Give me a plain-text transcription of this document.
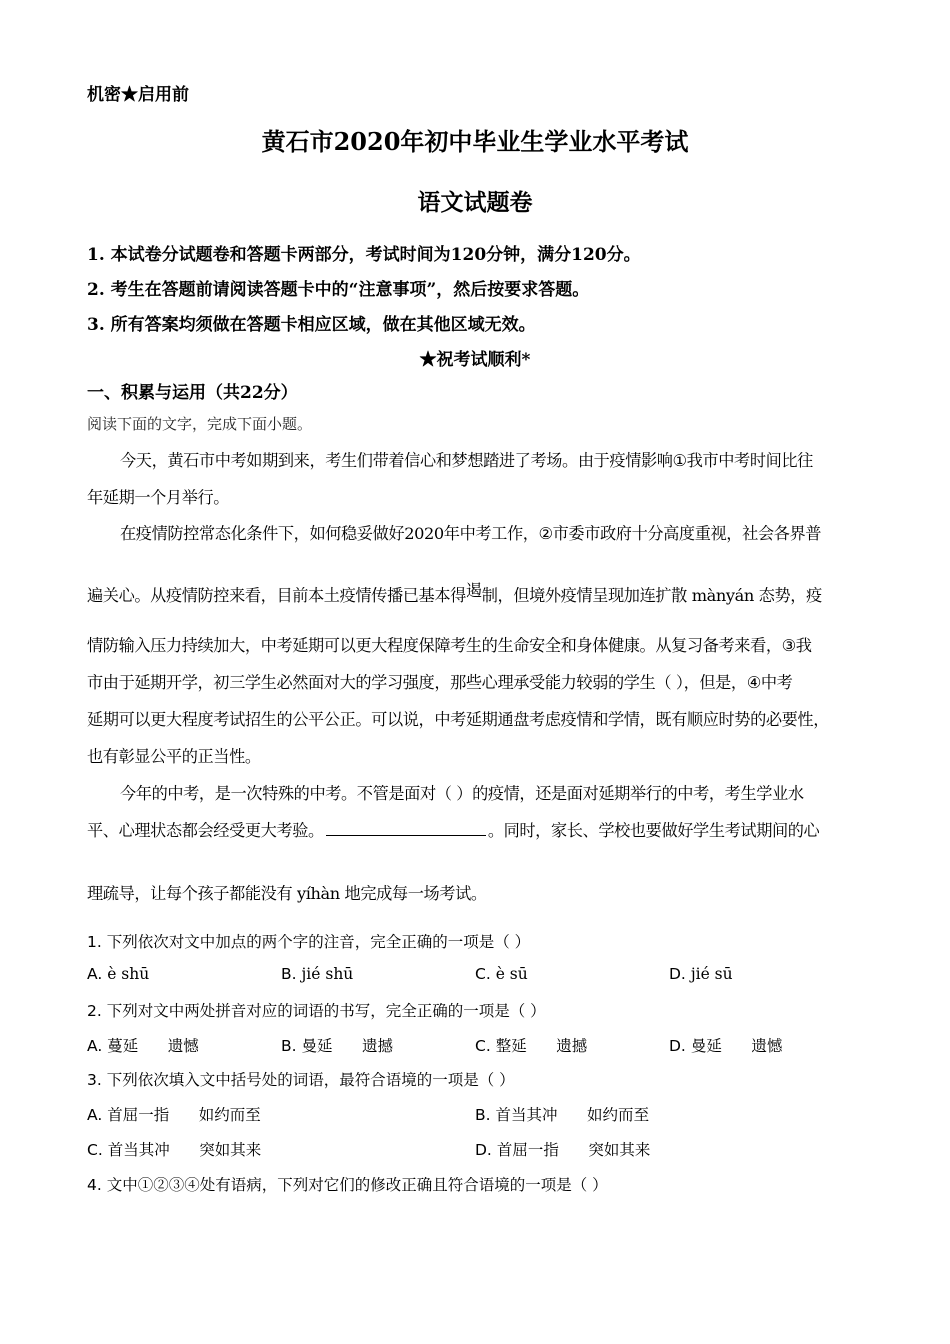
机密★启用前
黄石市2020年初中毕业生学业水平考试
语文试题卷
1. 本试卷分试题卷和答题卡两部分，考试时间为120分钟，满分120分。
2. 考生在答题前请阅读答题卡中的“注意事项”，然后按要求答题。
3. 所有答案均须做在答题卡相应区域，做在其他区域无效。
★祝考试顺利*
一、积累与运用（共22分）
阅读下面的文字，完成下面小题。
今天，黄石市中考如期到来，考生们带着信心和梦想踏进了考场。由于疫情影响①我市中考时间比往
年延期一个月举行。
在疫情防控常态化条件下，如何稳妥做好2020年中考工作，②市委市政府十分高度重视，社会各界普
遍关心。从疫情防控来看，目前本土疫情传播已基本得遏制，但境外疫情呈现加连扩散 mànyán 态势，疫
情防输入压力持续加大，中考延期可以更大程度保障考生的生命安全和身体健康。从复习备考来看，③我
市由于延期开学，初三学生必然面对大的学习强度，那些心理承受能力较弱的学生（ ），但是，④中考
延期可以更大程度考试招生的公平公正。可以说，中考延期通盘考虑疫情和学情，既有顺应时势的必要性，
也有彰显公平的正当性。
今年的中考，是一次特殊的中考。不管是面对（ ）的疫情，还是面对延期举行的中考，考生学业水
平、心理状态都会经受更大考验。	。同时，家长、学校也要做好学生考试期间的心
理疏导，让每个孩子都能没有 yíhàn 地完成每一场考试。
1. 下列依次对文中加点的两个字的注音，完全正确的一项是（ ）
A. è shū	B. jié shū	C. è sū	D. jié sū
2. 下列对文中两处拼音对应的词语的书写，完全正确的一项是（ ）
A. 蔓延      遗憾	B. 曼延      遗撼	C. 整延      遗撼	D. 曼延      遗憾
3. 下列依次填入文中括号处的词语，最符合语境的一项是（ ）
A. 首屈一指      如约而至	B. 首当其冲      如约而至
C. 首当其冲      突如其来	D. 首屈一指      突如其来
4. 文中①②③④处有语病，下列对它们的修改正确且符合语境的一项是（ ）
